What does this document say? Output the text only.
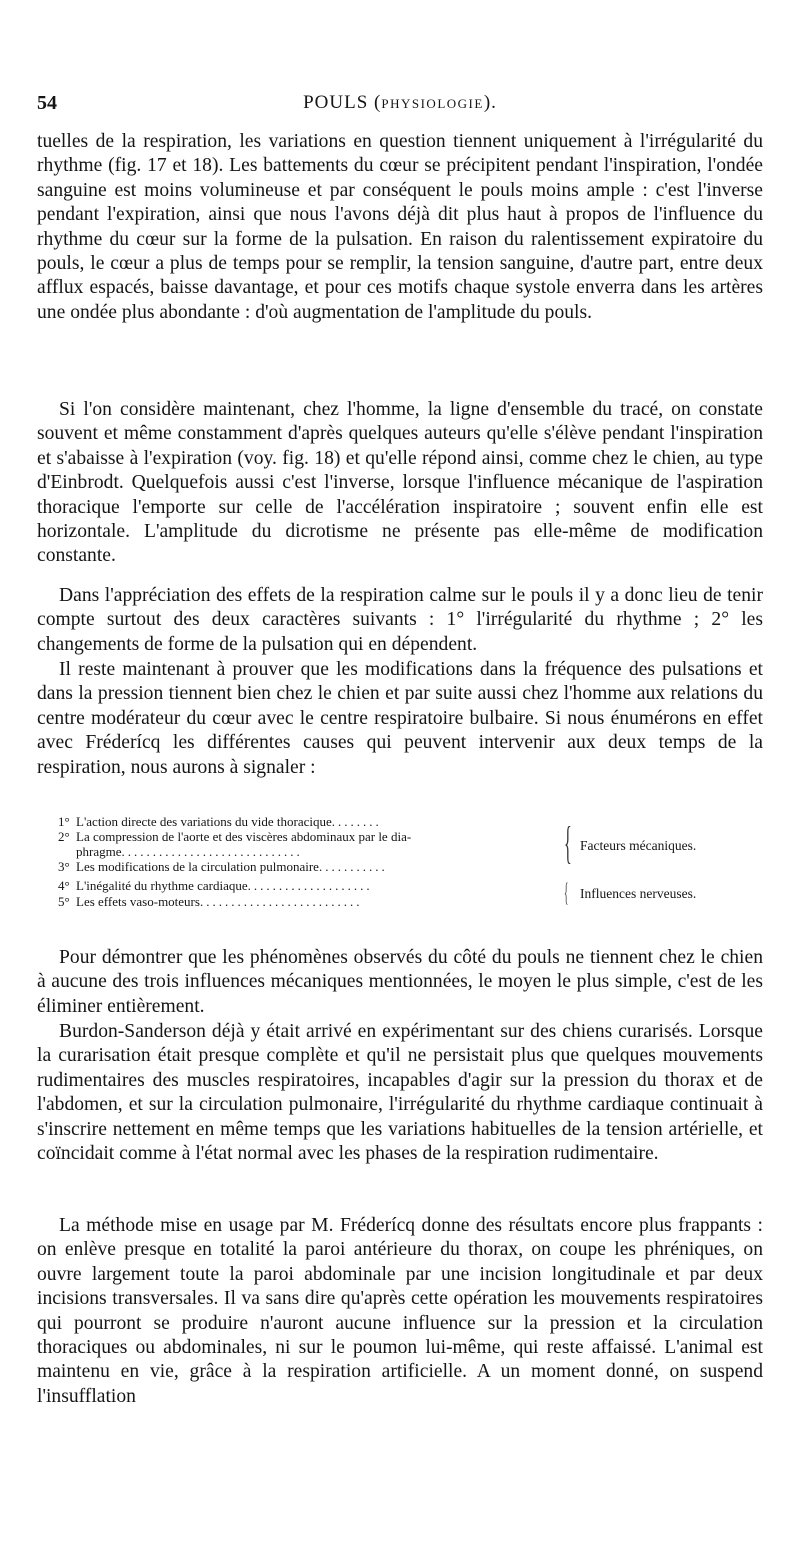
54	POULS (PHYSIOLOGIE).

tuelles de la respiration, les variations en question tiennent uniquement à l'irrégularité du rhythme (fig. 17 et 18). Les battements du cœur se précipitent pendant l'inspiration, l'ondée sanguine est moins volumineuse et par conséquent le pouls moins ample : c'est l'inverse pendant l'expiration, ainsi que nous l'avons déjà dit plus haut à propos de l'influence du rhythme du cœur sur la forme de la pulsation. En raison du ralentissement expiratoire du pouls, le cœur a plus de temps pour se remplir, la tension sanguine, d'autre part, entre deux afflux espacés, baisse davantage, et pour ces motifs chaque systole enverra dans les artères une ondée plus abondante : d'où augmentation de l'amplitude du pouls.

Si l'on considère maintenant, chez l'homme, la ligne d'ensemble du tracé, on constate souvent et même constamment d'après quelques auteurs qu'elle s'élève pendant l'inspiration et s'abaisse à l'expiration (voy. fig. 18) et qu'elle répond ainsi, comme chez le chien, au type d'Einbrodt. Quelquefois aussi c'est l'inverse, lorsque l'influence mécanique de l'aspiration thoracique l'emporte sur celle de l'accélération inspiratoire ; souvent enfin elle est horizontale. L'amplitude du dicrotisme ne présente pas elle-même de modification constante.

Dans l'appréciation des effets de la respiration calme sur le pouls il y a donc lieu de tenir compte surtout des deux caractères suivants : 1° l'irrégularité du rhythme ; 2° les changements de forme de la pulsation qui en dépendent.

Il reste maintenant à prouver que les modifications dans la fréquence des pulsations et dans la pression tiennent bien chez le chien et par suite aussi chez l'homme aux relations du centre modérateur du cœur avec le centre respiratoire bulbaire. Si nous énumérons en effet avec Fréderícq les différentes causes qui peuvent intervenir aux deux temps de la respiration, nous aurons à signaler :

1° L'action directe des variations du vide thoracique........
2° La compression de l'aorte et des viscères abdominaux par le dia-
phragme.............................
3° Les modifications de la circulation pulmonaire...........
4° L'inégalité du rhythme cardiaque....................
5° Les effets vaso-moteurs..........................
{ Facteurs mécaniques.
{ Influences nerveuses.

Pour démontrer que les phénomènes observés du côté du pouls ne tiennent chez le chien à aucune des trois influences mécaniques mentionnées, le moyen le plus simple, c'est de les éliminer entièrement.

Burdon-Sanderson déjà y était arrivé en expérimentant sur des chiens curarisés. Lorsque la curarisation était presque complète et qu'il ne persistait plus que quelques mouvements rudimentaires des muscles respiratoires, incapables d'agir sur la pression du thorax et de l'abdomen, et sur la circulation pulmonaire, l'irrégularité du rhythme cardiaque continuait à s'inscrire nettement en même temps que les variations habituelles de la tension artérielle, et coïncidait comme à l'état normal avec les phases de la respiration rudimentaire.

La méthode mise en usage par M. Fréderícq donne des résultats encore plus frappants : on enlève presque en totalité la paroi antérieure du thorax, on coupe les phréniques, on ouvre largement toute la paroi abdominale par une incision longitudinale et par deux incisions transversales. Il va sans dire qu'après cette opération les mouvements respiratoires qui pourront se produire n'auront aucune influence sur la pression et la circulation thoraciques ou abdominales, ni sur le poumon lui-même, qui reste affaissé. L'animal est maintenu en vie, grâce à la respiration artificielle. A un moment donné, on suspend l'insufflation
